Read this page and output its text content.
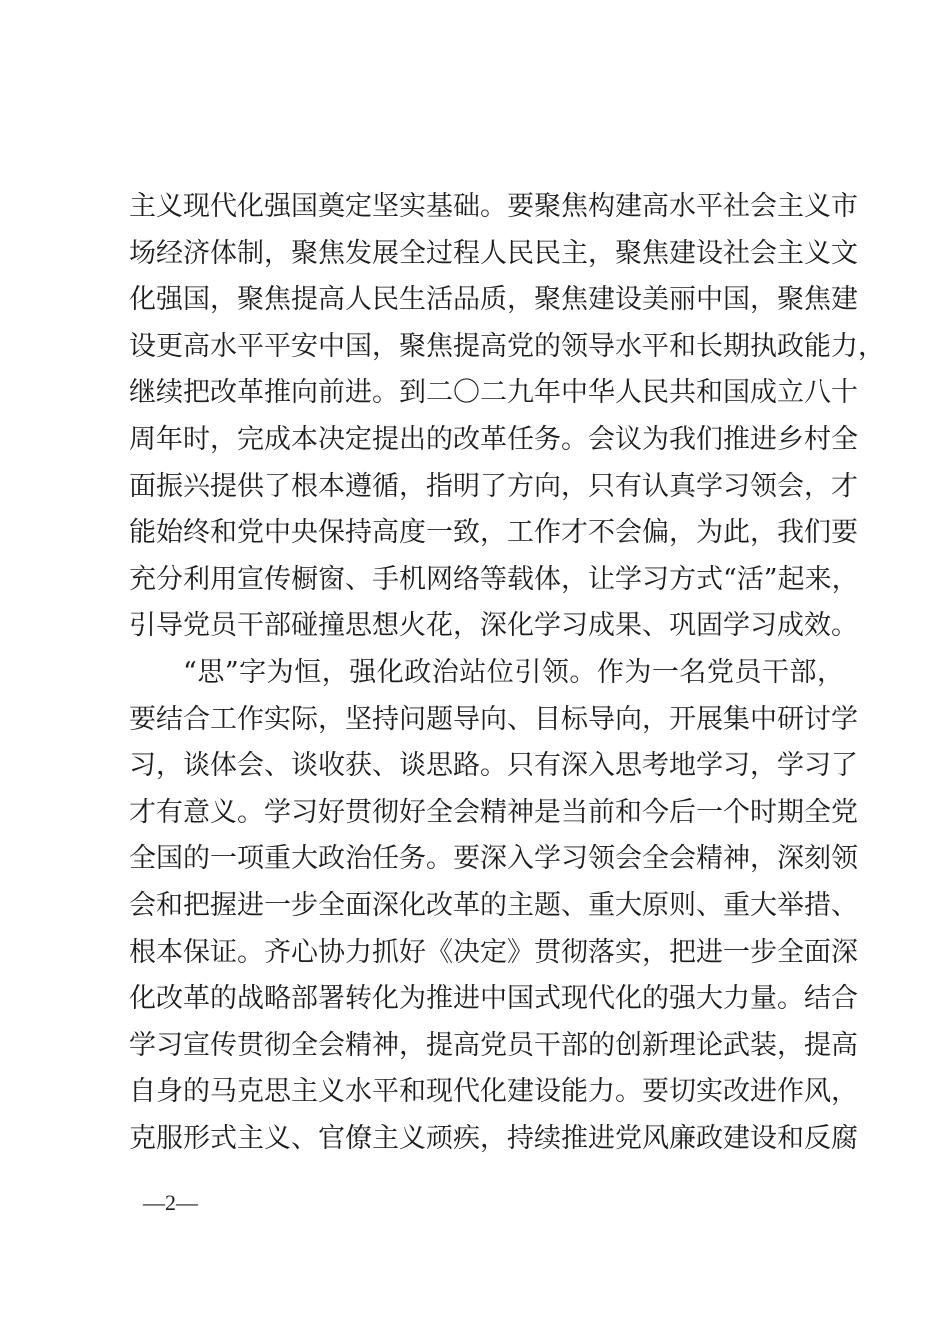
主义现代化强国奠定坚实基础。要聚焦构建高水平社会主义市
场经济体制，聚焦发展全过程人民民主，聚焦建设社会主义文
化强国，聚焦提高人民生活品质，聚焦建设美丽中国，聚焦建
设更高水平平安中国，聚焦提高党的领导水平和长期执政能力，
继续把改革推向前进。到二〇二九年中华人民共和国成立八十
周年时，完成本决定提出的改革任务。会议为我们推进乡村全
面振兴提供了根本遵循，指明了方向，只有认真学习领会，才
能始终和党中央保持高度一致，工作才不会偏，为此，我们要
充分利用宣传橱窗、手机网络等载体，让学习方式“活”起来，
引导党员干部碰撞思想火花，深化学习成果、巩固学习成效。
“思”字为恒，强化政治站位引领。作为一名党员干部，
要结合工作实际，坚持问题导向、目标导向，开展集中研讨学
习，谈体会、谈收获、谈思路。只有深入思考地学习，学习了
才有意义。学习好贯彻好全会精神是当前和今后一个时期全党
全国的一项重大政治任务。要深入学习领会全会精神，深刻领
会和把握进一步全面深化改革的主题、重大原则、重大举措、
根本保证。齐心协力抓好《决定》贯彻落实，把进一步全面深
化改革的战略部署转化为推进中国式现代化的强大力量。结合
学习宣传贯彻全会精神，提高党员干部的创新理论武装，提高
自身的马克思主义水平和现代化建设能力。要切实改进作风，
克服形式主义、官僚主义顽疾，持续推进党风廉政建设和反腐
—2—
